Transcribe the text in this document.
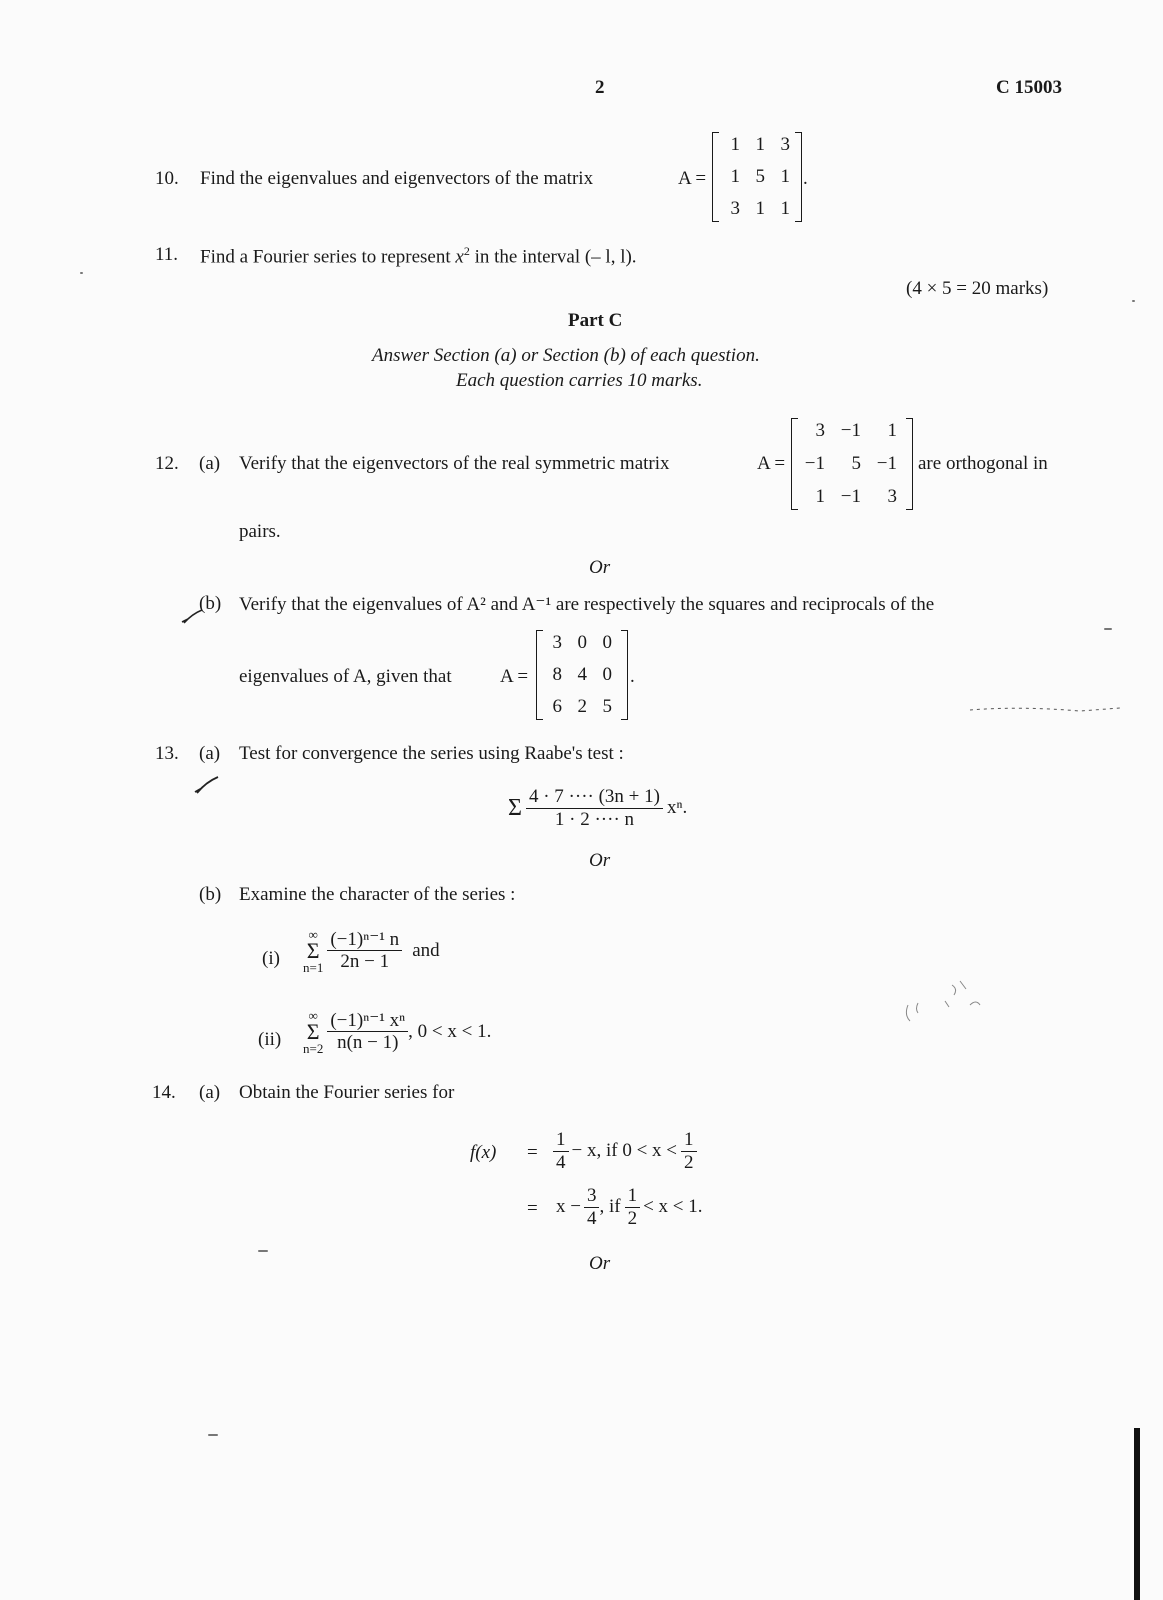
2	C 15003
10. Find the eigenvalues and eigenvectors of the matrix	A =
1 1 3
1 5 1
3 1 1
.
11. Find a Fourier series to represent $x^2$ in the interval (– l, l).
(4 × 5 = 20 marks)
Part C
Answer Section (a) or Section (b) of each question.
Each question carries 10 marks.
12. (a) Verify that the eigenvectors of the real symmetric matrix	A =
3 −1	1
−1	5 −1
1 −1	3
are orthogonal in
pairs.
Or
(b) Verify that the eigenvalues of A² and A⁻¹ are respectively the squares and reciprocals of the
eigenvalues of A, given that	A =
3 0 0
8 4 0
6 2 5
.
13. (a) Test for convergence the series using Raabe's test :
Σ $\frac{4 \cdot 7 \cdot\cdot\cdot\cdot (3n + 1)}{1 \cdot 2 \cdot\cdot\cdot\cdot n} x^n$.
Or
(b) Examine the character of the series :
(i)
∞
Σ
$n=1 \frac{\text{(−1)ⁿ⁻¹ n}}{2n - 1}$ and
(ii)
∞
Σ
$n=2 \frac{\text{(−1)ⁿ⁻¹ xⁿ}}{n(n - 1)}$ , 0 < x < 1.
14. (a) Obtain the Fourier series for
$f(x) = \frac{1}{4} - x$, if $0 < x < \frac{1}{2}$
= $x - \frac{3}{4}$ , if $\frac{1}{2} < x < 1$.
Or
